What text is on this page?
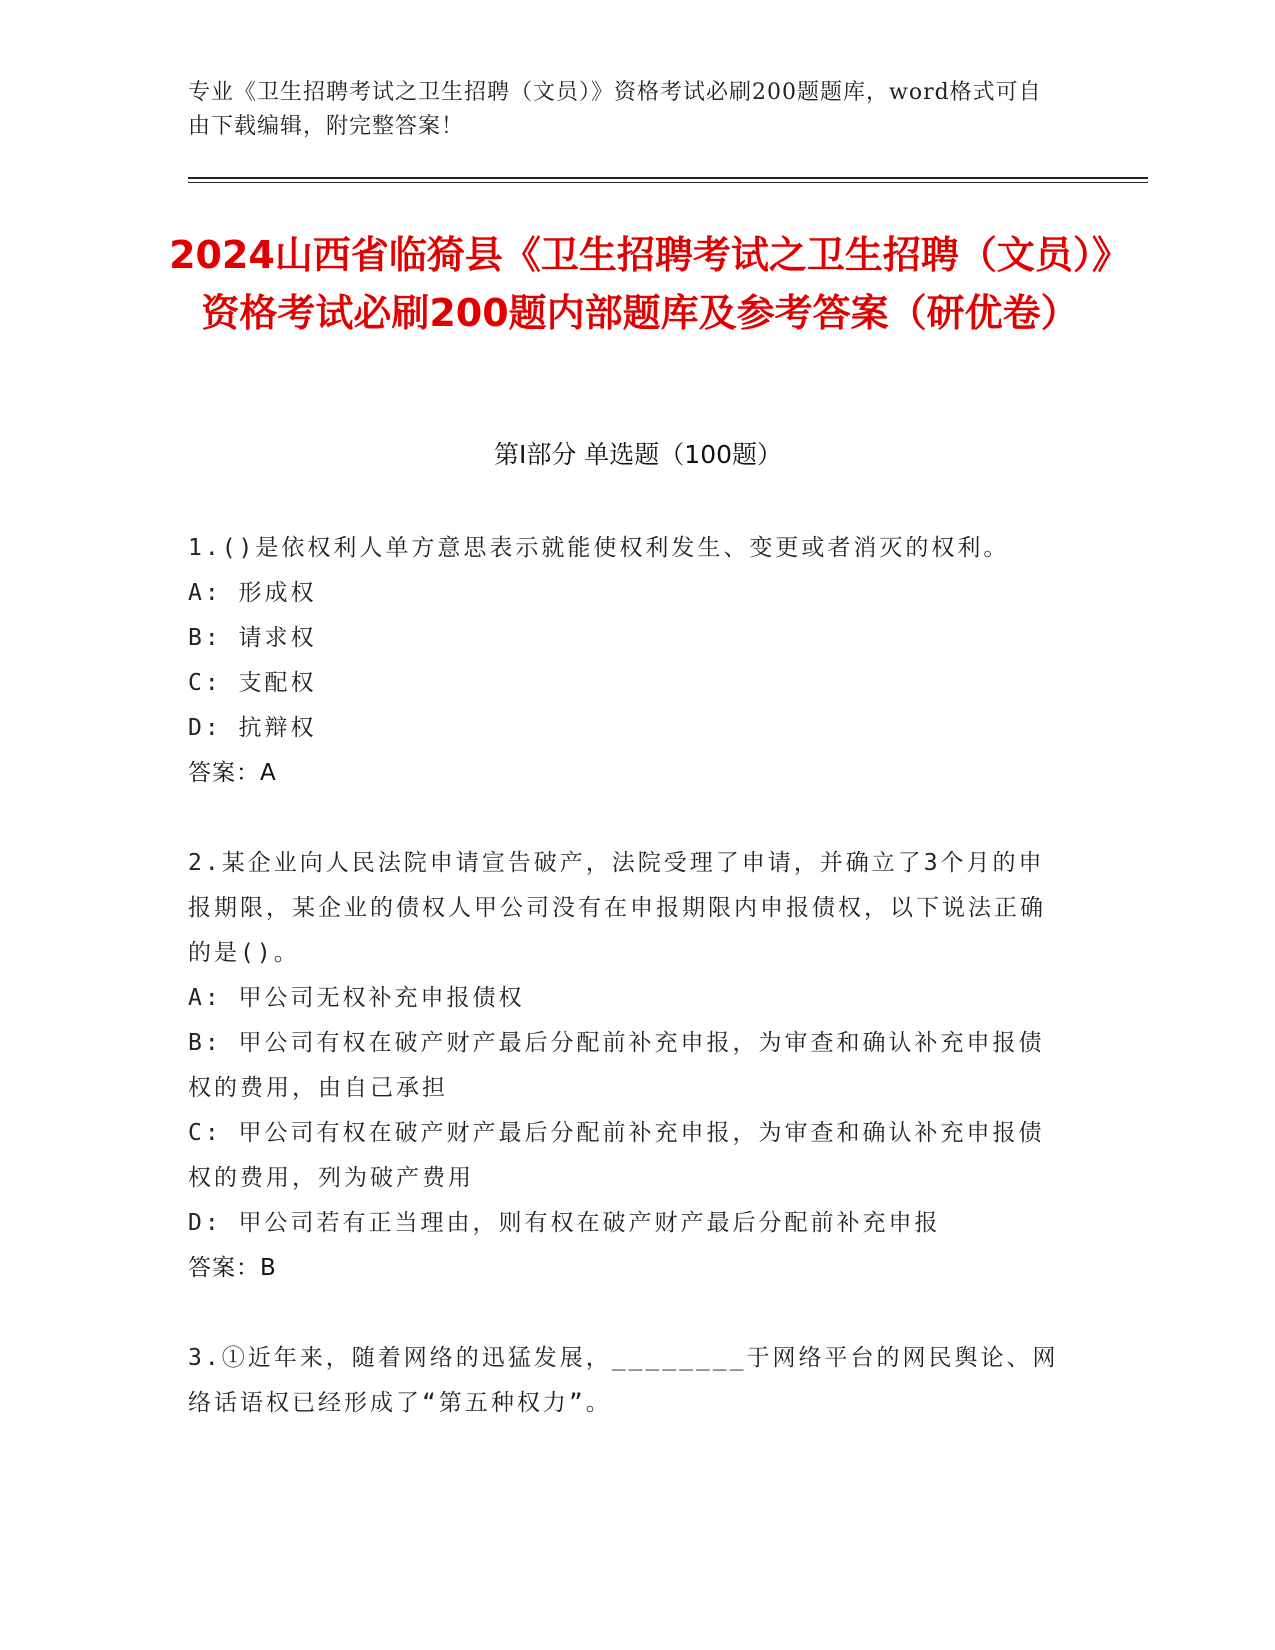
专业《卫生招聘考试之卫生招聘（文员）》资格考试必刷200题题库，word格式可自由下载编辑，附完整答案！
2024山西省临猗县《卫生招聘考试之卫生招聘（文员）》资格考试必刷200题内部题库及参考答案（研优卷）
第Ⅰ部分 单选题（100题）

1.()是依权利人单方意思表示就能使权利发生、变更或者消灭的权利。

A: 形成权

B: 请求权

C: 支配权

D: 抗辩权

答案：A

2.某企业向人民法院申请宣告破产，法院受理了申请，并确立了3个月的申报期限，某企业的债权人甲公司没有在申报期限内申报债权，以下说法正确的是()。

A: 甲公司无权补充申报债权

B: 甲公司有权在破产财产最后分配前补充申报，为审查和确认补充申报债权的费用，由自己承担

C: 甲公司有权在破产财产最后分配前补充申报，为审查和确认补充申报债权的费用，列为破产费用

D: 甲公司若有正当理由，则有权在破产财产最后分配前补充申报

答案：B

3.①近年来，随着网络的迅猛发展，________于网络平台的网民舆论、网络话语权已经形成了“第五种权力”。
